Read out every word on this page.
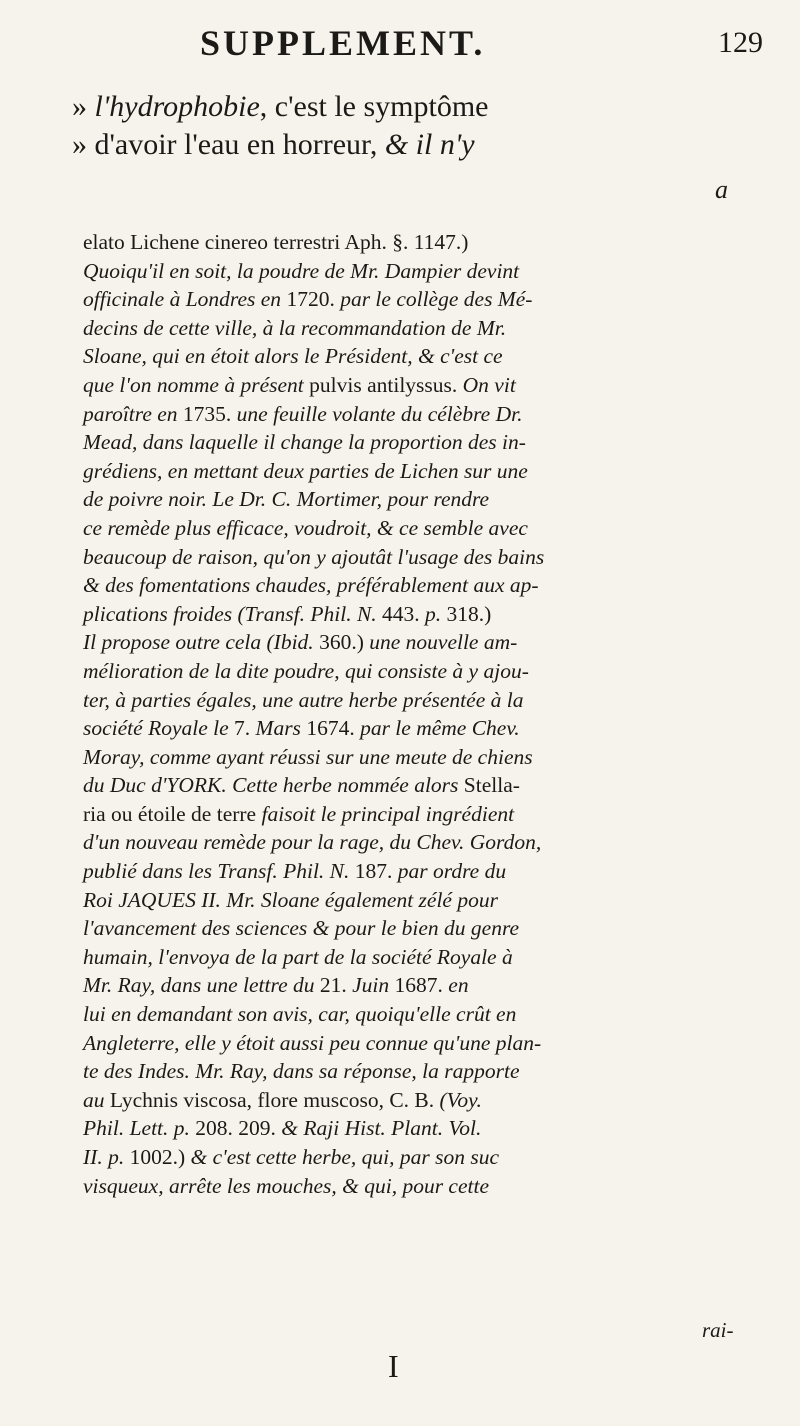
SUPPLEMENT.	129
» l'hydrophobie, c'est le symptôme
» d'avoir l'eau en horreur, & il n'y
a
elato Lichene cinereo terrestri Aph. §. 1147.)
Quoiqu'il en soit, la poudre de Mr. Dampier devint
officinale à Londres en 1720. par le collège des Mé-
decins de cette ville, à la recommandation de Mr.
Sloane, qui en étoit alors le Président, & c'est ce
que l'on nomme à présent pulvis antilyssus. On vit
paroître en 1735. une feuille volante du célèbre Dr.
Mead, dans laquelle il change la proportion des in-
grédiens, en mettant deux parties de Lichen sur une
de poivre noir. Le Dr. C. Mortimer, pour rendre
ce remède plus efficace, voudroit, & ce semble avec
beaucoup de raison, qu'on y ajoutât l'usage des bains
& des fomentations chaudes, préférablement aux ap-
plications froides (Transf. Phil. N. 443. p. 318.)
Il propose outre cela (Ibid. 360.) une nouvelle am-
mélioration de la dite poudre, qui consiste à y ajou-
ter, à parties égales, une autre herbe présentée à la
société Royale le 7. Mars 1674. par le même Chev.
Moray, comme ayant réussi sur une meute de chiens
du Duc d'YORK. Cette herbe nommée alors Stella-
ria ou étoile de terre faisoit le principal ingrédient
d'un nouveau remède pour la rage, du Chev. Gordon,
publié dans les Transf. Phil. N. 187. par ordre du
Roi JAQUES II. Mr. Sloane également zélé pour
l'avancement des sciences & pour le bien du genre
humain, l'envoya de la part de la société Royale à
Mr. Ray, dans une lettre du 21. Juin 1687. en
lui en demandant son avis, car, quoiqu'elle crût en
Angleterre, elle y étoit aussi peu connue qu'une plan-
te des Indes. Mr. Ray, dans sa réponse, la rapporte
au Lychnis viscosa, flore muscoso, C. B. (Voy.
Phil. Lett. p. 208. 209. & Raji Hist. Plant. Vol.
II. p. 1002.) & c'est cette herbe, qui, par son suc
visqueux, arrête les mouches, & qui, pour cette
rai-
I
